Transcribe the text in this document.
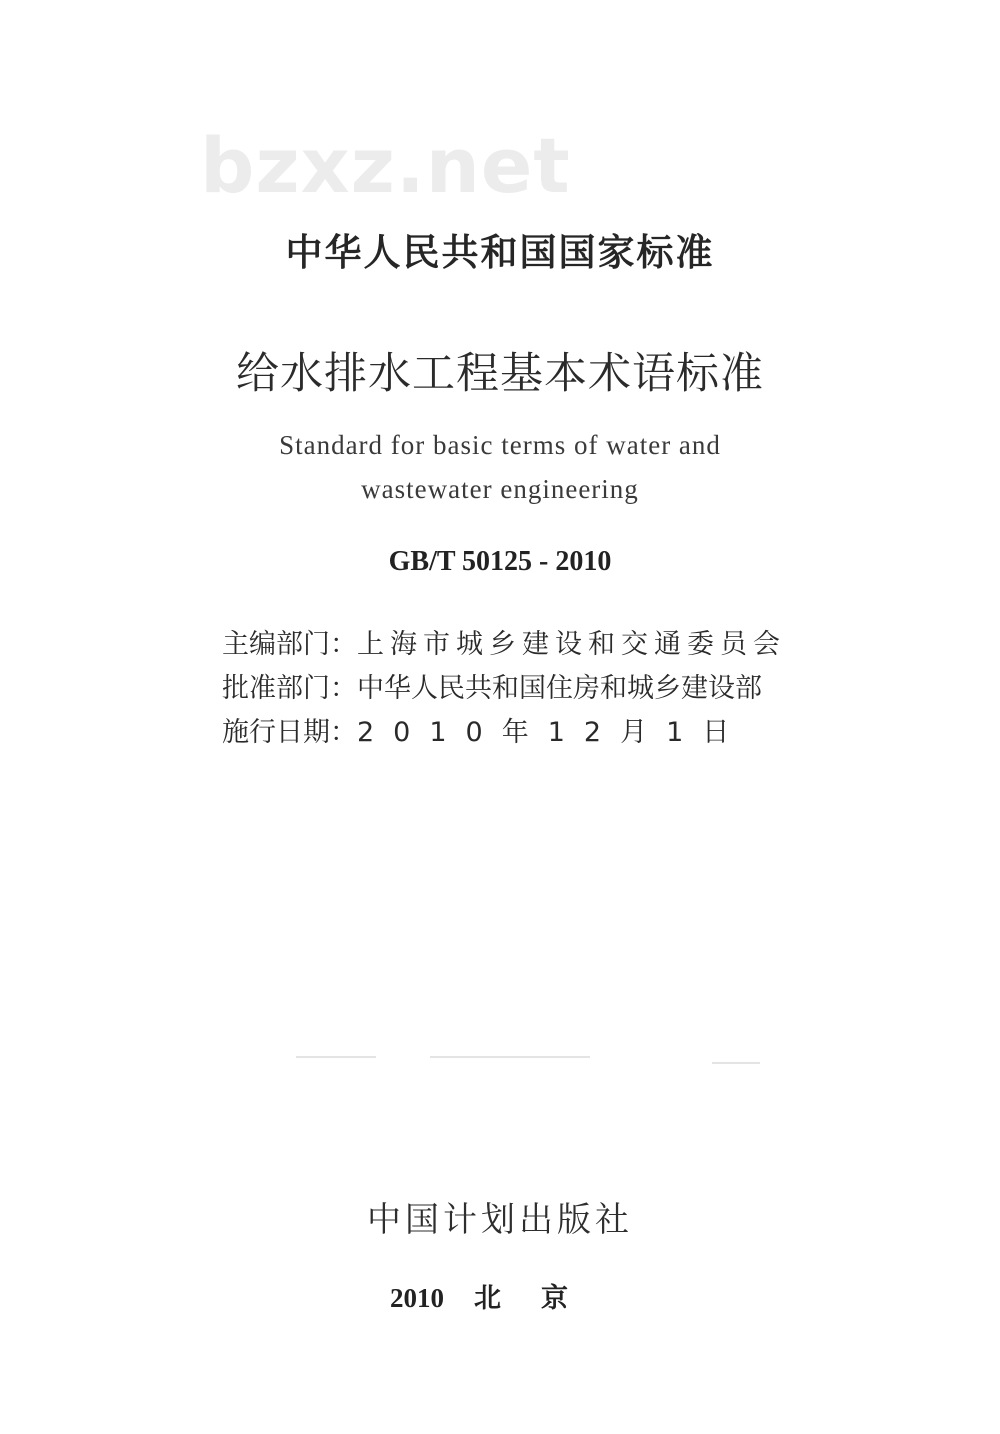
bzxz.net
中华人民共和国国家标准
给水排水工程基本术语标准
Standard for basic terms of water and
wastewater engineering
GB/T 50125 - 2010
主编部门：上海市城乡建设和交通委员会
批准部门：中华人民共和国住房和城乡建设部
施行日期：2010年12月1日
中国计划出版社
2010 北京
